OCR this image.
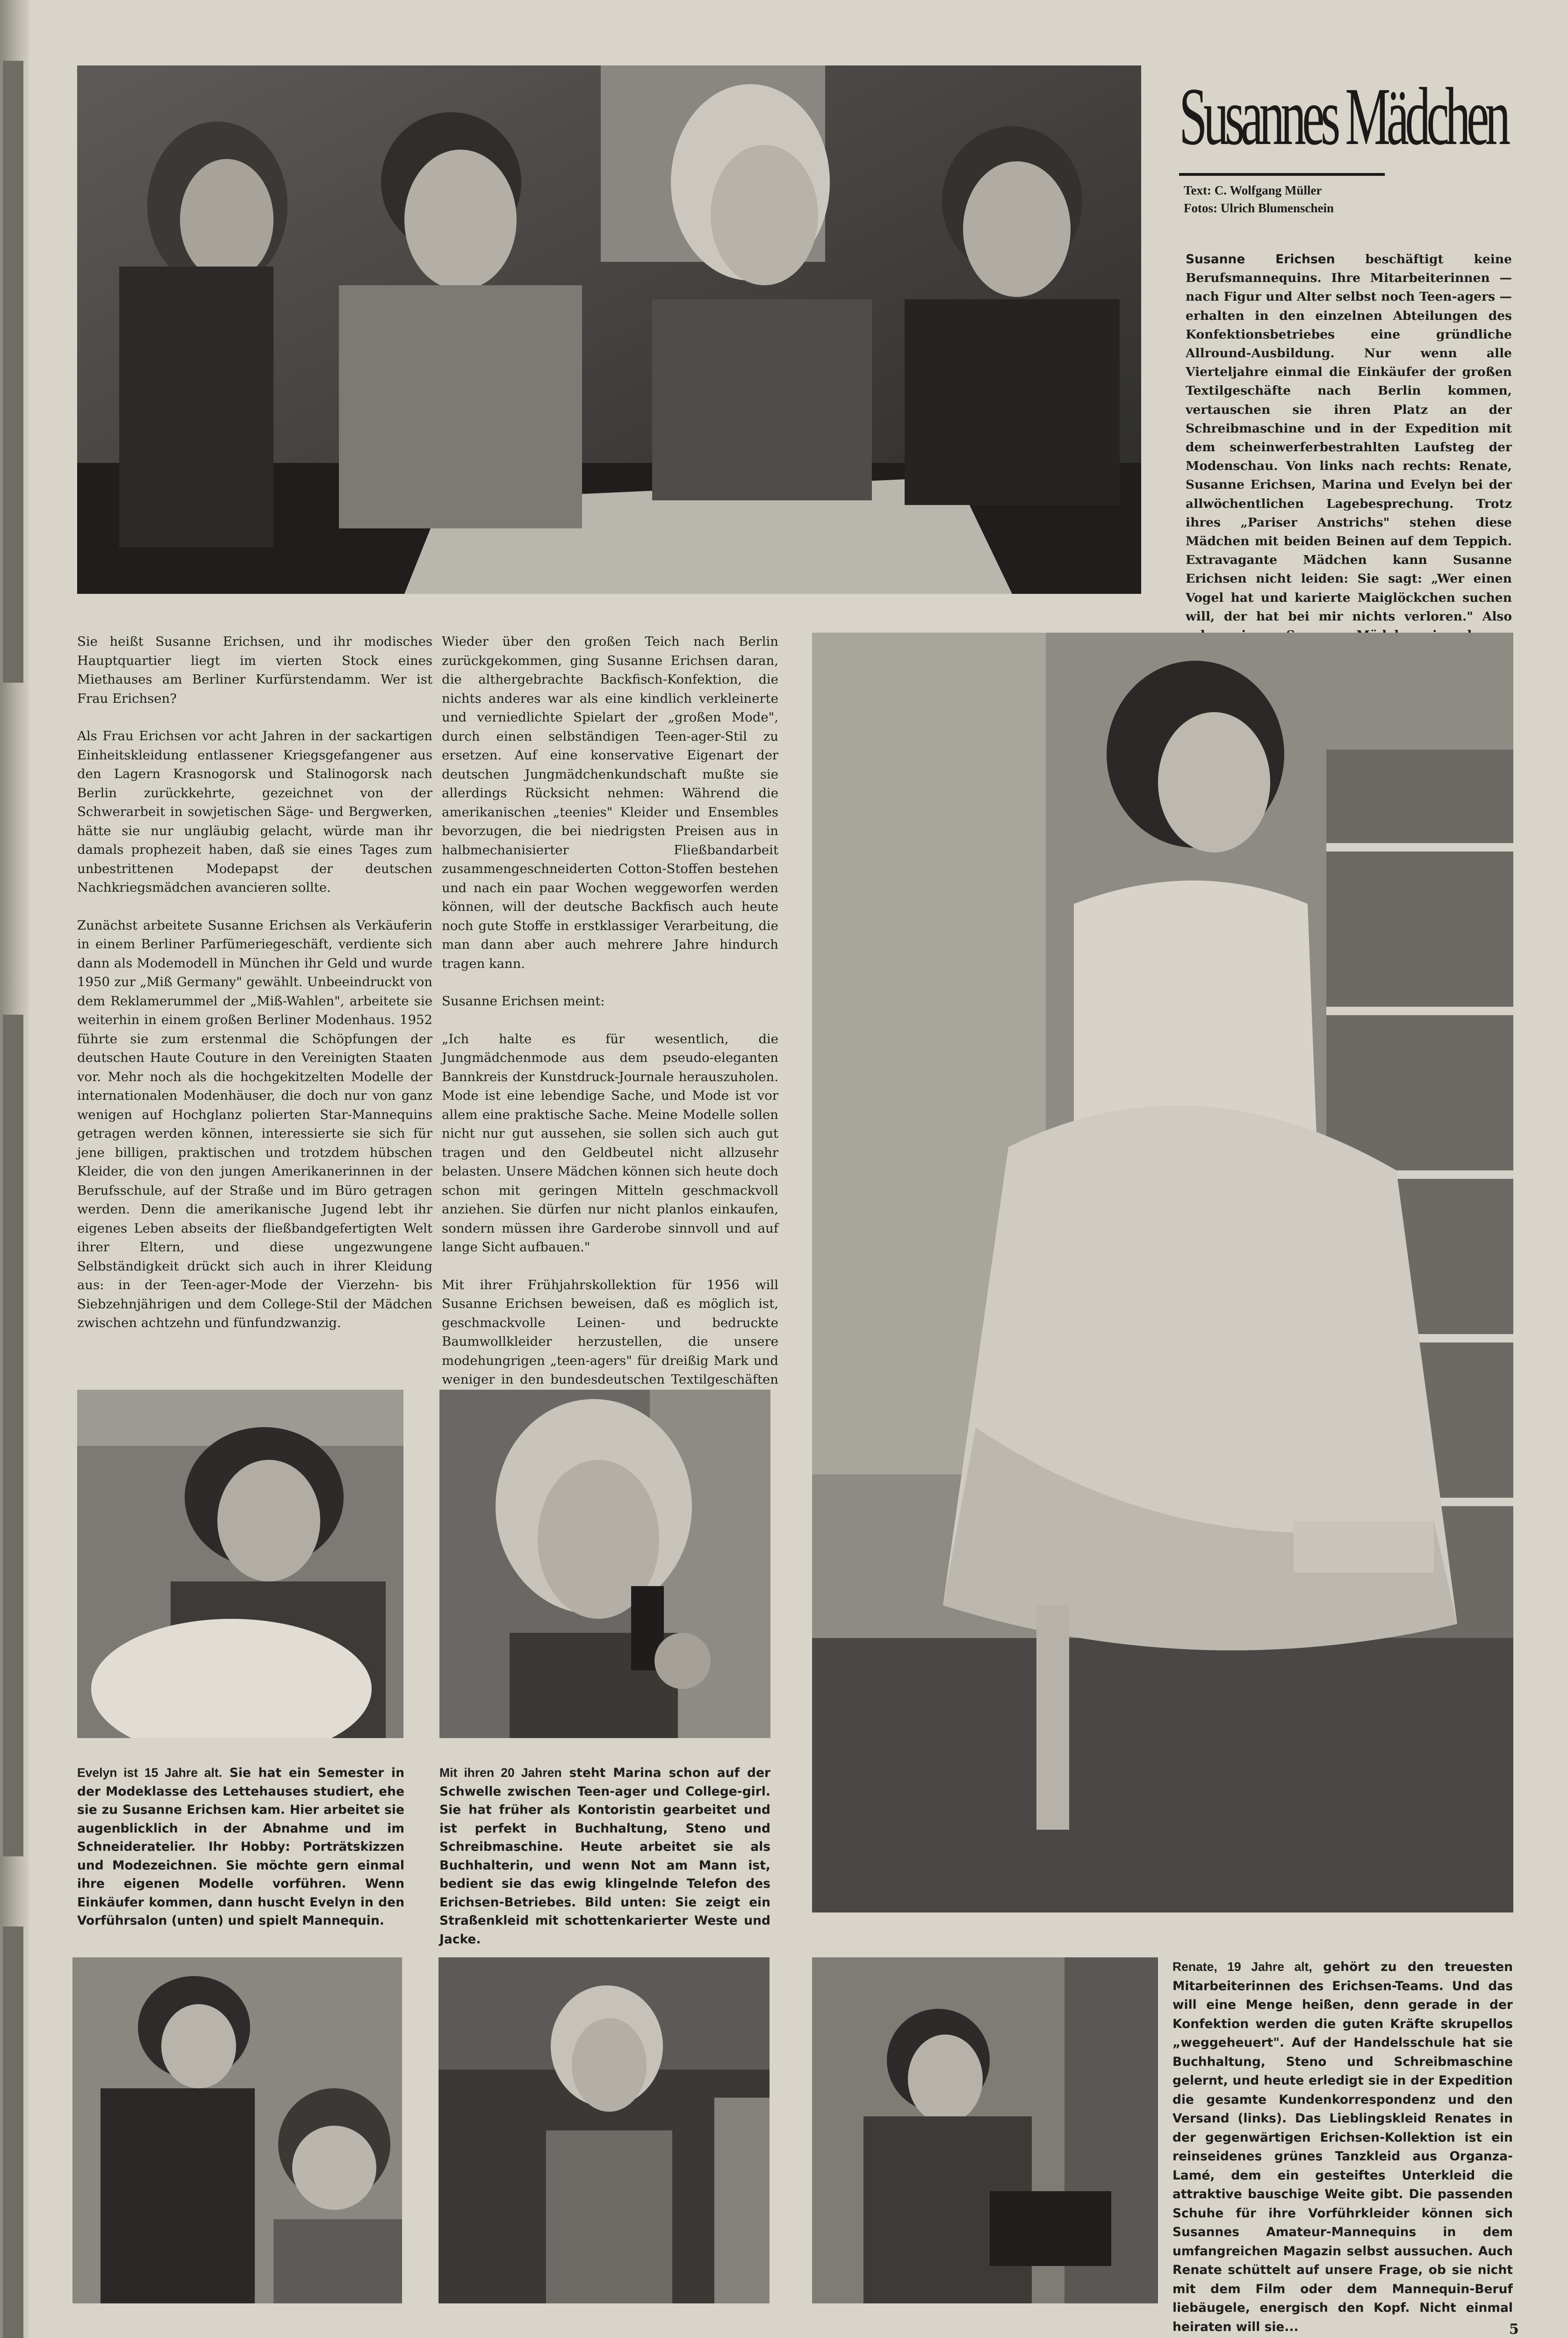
Susannes Mädchen
Text: C. Wolfgang Müller
Fotos: Ulrich Blumenschein
Susanne Erichsen beschäftigt keine Berufsmannequins. Ihre Mitarbeiterinnen — nach Figur und Alter selbst noch Teen-agers — erhalten in den einzelnen Abteilungen des Konfektionsbetriebes eine gründliche Allround-Ausbildung. Nur wenn alle Vierteljahre einmal die Einkäufer der großen Textilgeschäfte nach Berlin kommen, vertauschen sie ihren Platz an der Schreibmaschine und in der Expedition mit dem scheinwerferbestrahlten Laufsteg der Modenschau. Von links nach rechts: Renate, Susanne Erichsen, Marina und Evelyn bei der allwöchentlichen Lagebesprechung. Trotz ihres „Pariser Anstrichs" stehen diese Mädchen mit beiden Beinen auf dem Teppich. Extravagante Mädchen kann Susanne Erichsen nicht leiden: Sie sagt: „Wer einen Vogel hat und karierte Maiglöckchen suchen will, der hat bei mir nichts verloren." Also

Sie heißt Susanne Erichsen, und ihr modisches Hauptquartier liegt im vierten Stock eines Miethauses am Berliner Kurfürstendamm. Wer ist Frau Erichsen?

Als Frau Erichsen vor acht Jahren in der sackartigen Einheitskleidung entlassener Kriegsgefangener aus den Lagern Krasnogorsk und Stalinogorsk nach Berlin zurückkehrte, gezeichnet von der Schwerarbeit in sowjetischen Säge- und Bergwerken, hätte sie nur ungläubig gelacht, würde man ihr damals prophezeit haben, daß sie eines Tages zum unbestrittenen Modepapst der deutschen Nachkriegsmädchen avancieren sollte.

Zunächst arbeitete Susanne Erichsen als Verkäuferin in einem Berliner Parfümeriegeschäft, verdiente sich dann als Modemodell in München ihr Geld und wurde 1950 zur „Miß Germany" gewählt. Unbeeindruckt von dem Reklamerummel der „Miß-Wahlen", arbeitete sie weiterhin in einem großen Berliner Modenhaus. 1952 führte sie zum erstenmal die Schöpfungen der deutschen Haute Couture in den Vereinigten Staaten vor. Mehr noch als die hochgekitzelten Modelle der internationalen Modenhäuser, die doch nur von ganz wenigen auf Hochglanz polierten Star-Mannequins getragen werden können, interessierte sie sich für jene billigen, praktischen und trotzdem hübschen Kleider, die von den jungen Amerikanerinnen in der Berufsschule, auf der Straße und im Büro getragen werden. Denn die amerikanische Jugend lebt ihr eigenes Leben abseits der fließbandgefertigten Welt ihrer Eltern, und diese ungezwungene Selbständigkeit drückt sich auch in ihrer Kleidung aus: in der Teen-ager-Mode der Vierzehn- bis Siebzehnjährigen und dem College-Stil der Mädchen zwischen achtzehn und fünfundzwanzig.

Wieder über den großen Teich nach Berlin zurückgekommen, ging Susanne Erichsen daran, die althergebrachte Backfisch-Konfektion, die nichts anderes war als eine kindlich verkleinerte und verniedlichte Spielart der „großen Mode", durch einen selbständigen Teen-ager-Stil zu ersetzen. Auf eine konservative Eigenart der deutschen Jungmädchenkundschaft mußte sie allerdings Rücksicht nehmen: Während die amerikanischen „teenies" Kleider und Ensembles bevorzugen, die bei niedrigsten Preisen aus in halbmechanisierter Fließbandarbeit zusammengeschneiderten Cotton-Stoffen bestehen und nach ein paar Wochen weggeworfen werden können, will der deutsche Backfisch auch heute noch gute Stoffe in erstklassiger Verarbeitung, die man dann aber auch mehrere Jahre hindurch tragen kann.

Susanne Erichsen meint:

„Ich halte es für wesentlich, die Jungmädchenmode aus dem pseudo-eleganten Bannkreis der Kunstdruck-Journale herauszuholen. Mode ist eine lebendige Sache, und Mode ist vor allem eine praktische Sache. Meine Modelle sollen nicht nur gut aussehen, sie sollen sich auch gut tragen und den Geldbeutel nicht allzusehr belasten. Unsere Mädchen können sich heute doch schon mit geringen Mitteln geschmackvoll anziehen. Sie dürfen nur nicht planlos einkaufen, sondern müssen ihre Garderobe sinnvoll und auf lange Sicht aufbauen."

Mit ihrer Frühjahrskollektion für 1956 will Susanne Erichsen beweisen, daß es möglich ist, geschmackvolle Leinen- und bedruckte Baumwollkleider herzustellen, die unsere modehungrigen „teen-agers" für dreißig Mark und weniger in den bundesdeutschen Textilgeschäften

Evelyn ist 15 Jahre alt. Sie hat ein Semester in der Modeklasse des Lettehauses studiert, ehe sie zu Susanne Erichsen kam. Hier arbeitet sie augenblicklich in der Abnahme und im Schneideratelier. Ihr Hobby: Porträtskizzen und Modezeichnen. Sie möchte gern einmal ihre eigenen Modelle vorführen. Wenn Einkäufer kommen, dann huscht Evelyn in den Vorführsalon (unten) und spielt Mannequin.
Mit ihren 20 Jahren steht Marina schon auf der Schwelle zwischen Teen-ager und College-girl. Sie hat früher als Kontoristin gearbeitet und ist perfekt in Buchhaltung, Steno und Schreibmaschine. Heute arbeitet sie als Buchhalterin, und wenn Not am Mann ist, bedient sie das ewig klingelnde Telefon des Erichsen-Betriebes. Bild unten: Sie zeigt ein Straßenkleid mit schottenkarierter Weste und Jacke.
Renate, 19 Jahre alt, gehört zu den treuesten Mitarbeiterinnen des Erichsen-Teams. Und das will eine Menge heißen, denn gerade in der Konfektion werden die guten Kräfte skrupellos „weggeheuert". Auf der Handelsschule hat sie Buchhaltung, Steno und Schreibmaschine gelernt, und heute erledigt sie in der Expedition die gesamte Kundenkorrespondenz und den Versand (links). Das Lieblingskleid Renates in der gegenwärtigen Erichsen-Kollektion ist ein reinseidenes grünes Tanzkleid aus Organza-Lamé, dem ein gesteiftes Unterkleid die attraktive bauschige Weite gibt. Die passenden Schuhe für ihre Vorführkleider können sich Susannes Amateur-Mannequins in dem umfangreichen Magazin selbst aussuchen. Auch Renate schüttelt auf unsere Frage, ob sie nicht mit dem Film oder dem Mannequin-Beruf liebäugele, energisch den Kopf. Nicht einmal heiraten will sie...	5
